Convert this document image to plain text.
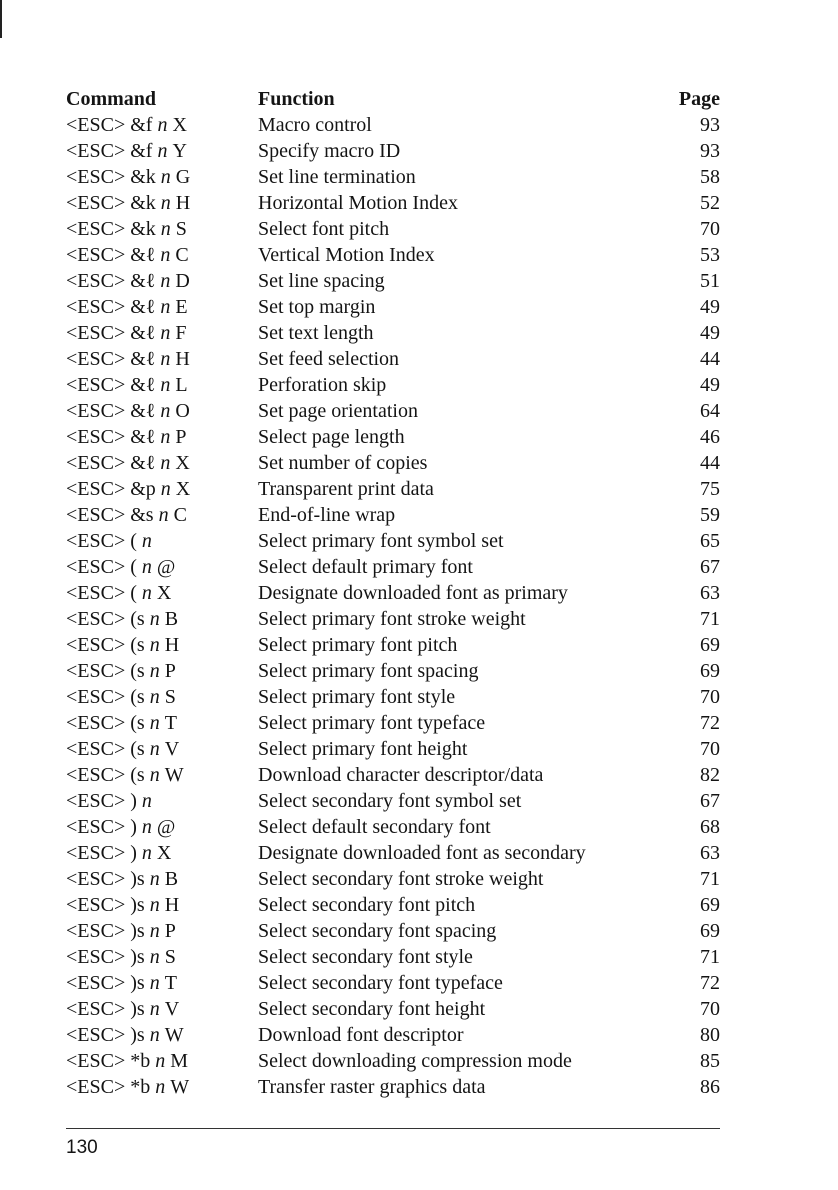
Command	Function	Page
<ESC> &f n X	Macro control	93
<ESC> &f n Y	Specify macro ID	93
<ESC> &k n G	Set line termination	58
<ESC> &k n H	Horizontal Motion Index	52
<ESC> &k n S	Select font pitch	70
<ESC> &ℓ n C	Vertical Motion Index	53
<ESC> &ℓ n D	Set line spacing	51
<ESC> &ℓ n E	Set top margin	49
<ESC> &ℓ n F	Set text length	49
<ESC> &ℓ n H	Set feed selection	44
<ESC> &ℓ n L	Perforation skip	49
<ESC> &ℓ n O	Set page orientation	64
<ESC> &ℓ n P	Select page length	46
<ESC> &ℓ n X	Set number of copies	44
<ESC> &p n X	Transparent print data	75
<ESC> &s n C	End-of-line wrap	59
<ESC> ( n	Select primary font symbol set	65
<ESC> ( n @	Select default primary font	67
<ESC> ( n X	Designate downloaded font as primary	63
<ESC> (s n B	Select primary font stroke weight	71
<ESC> (s n H	Select primary font pitch	69
<ESC> (s n P	Select primary font spacing	69
<ESC> (s n S	Select primary font style	70
<ESC> (s n T	Select primary font typeface	72
<ESC> (s n V	Select primary font height	70
<ESC> (s n W	Download character descriptor/data	82
<ESC> ) n	Select secondary font symbol set	67
<ESC> ) n @	Select default secondary font	68
<ESC> ) n X	Designate downloaded font as secondary	63
<ESC> )s n B	Select secondary font stroke weight	71
<ESC> )s n H	Select secondary font pitch	69
<ESC> )s n P	Select secondary font spacing	69
<ESC> )s n S	Select secondary font style	71
<ESC> )s n T	Select secondary font typeface	72
<ESC> )s n V	Select secondary font height	70
<ESC> )s n W	Download font descriptor	80
<ESC> *b n M	Select downloading compression mode	85
<ESC> *b n W	Transfer raster graphics data	86
130
